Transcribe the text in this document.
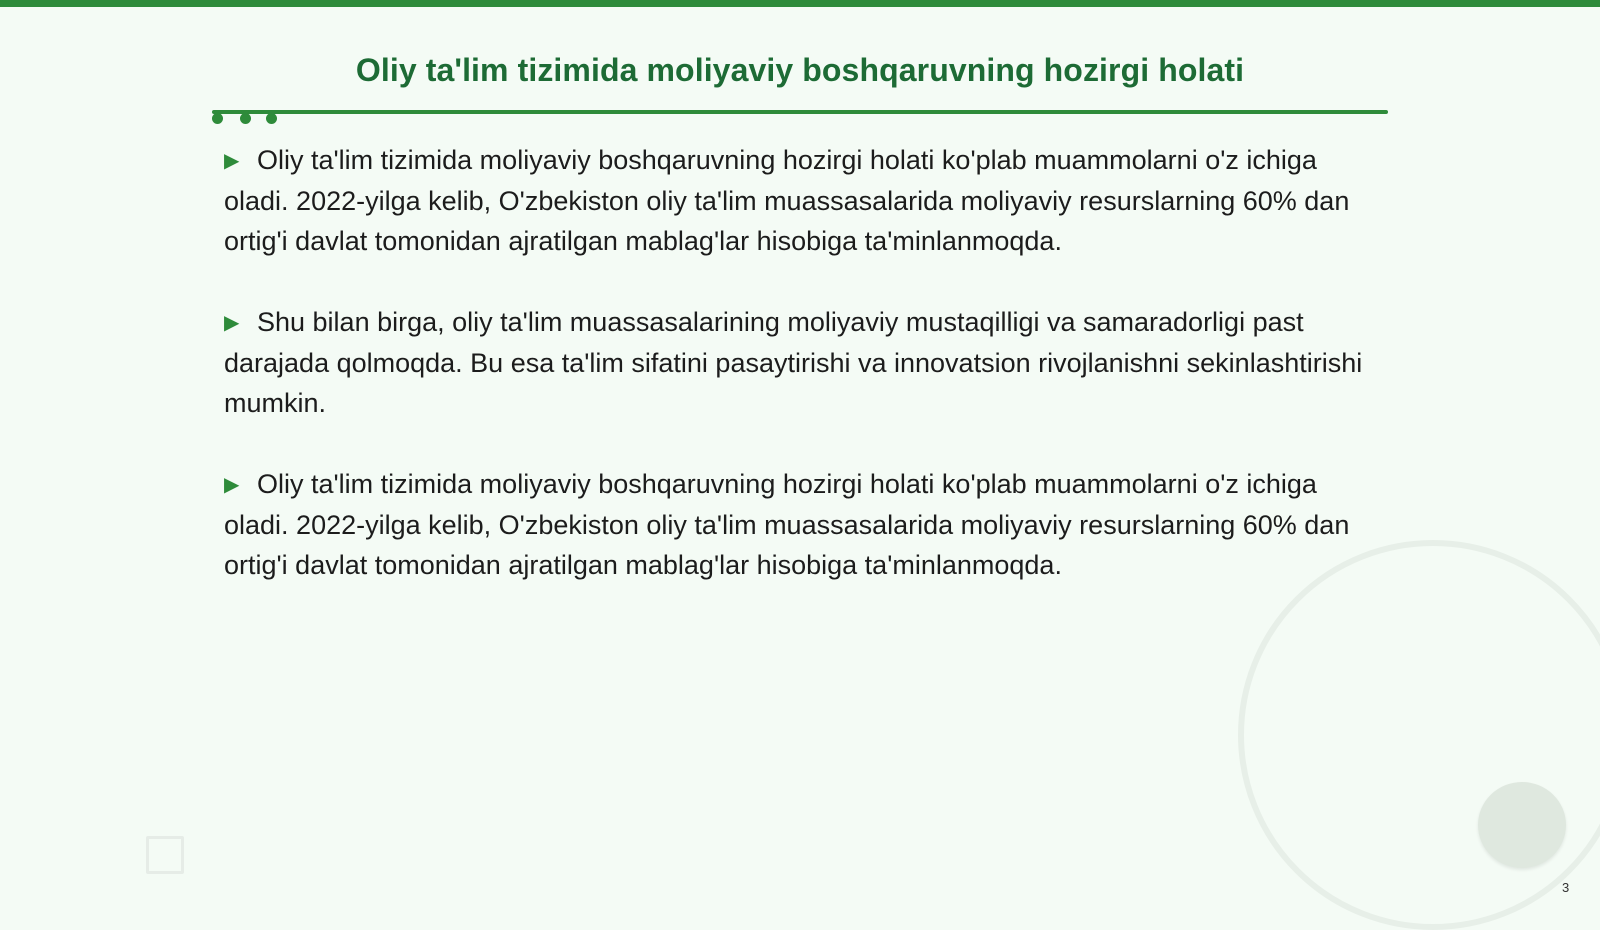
Oliy ta'lim tizimida moliyaviy boshqaruvning hozirgi holati

▶ Oliy ta'lim tizimida moliyaviy boshqaruvning hozirgi holati ko'plab muammolarni o'z ichiga oladi. 2022-yilga kelib, O'zbekiston oliy ta'lim muassasalarida moliyaviy resurslarning 60% dan ortig'i davlat tomonidan ajratilgan mablag'lar hisobiga ta'minlanmoqda.

▶ Shu bilan birga, oliy ta'lim muassasalarining moliyaviy mustaqilligi va samaradorligi past darajada qolmoqda. Bu esa ta'lim sifatini pasaytirishi va innovatsion rivojlanishni sekinlashtirishi mumkin.

▶ Oliy ta'lim tizimida moliyaviy boshqaruvning hozirgi holati ko'plab muammolarni o'z ichiga oladi. 2022-yilga kelib, O'zbekiston oliy ta'lim muassasalarida moliyaviy resurslarning 60% dan ortig'i davlat tomonidan ajratilgan mablag'lar hisobiga ta'minlanmoqda.

3
